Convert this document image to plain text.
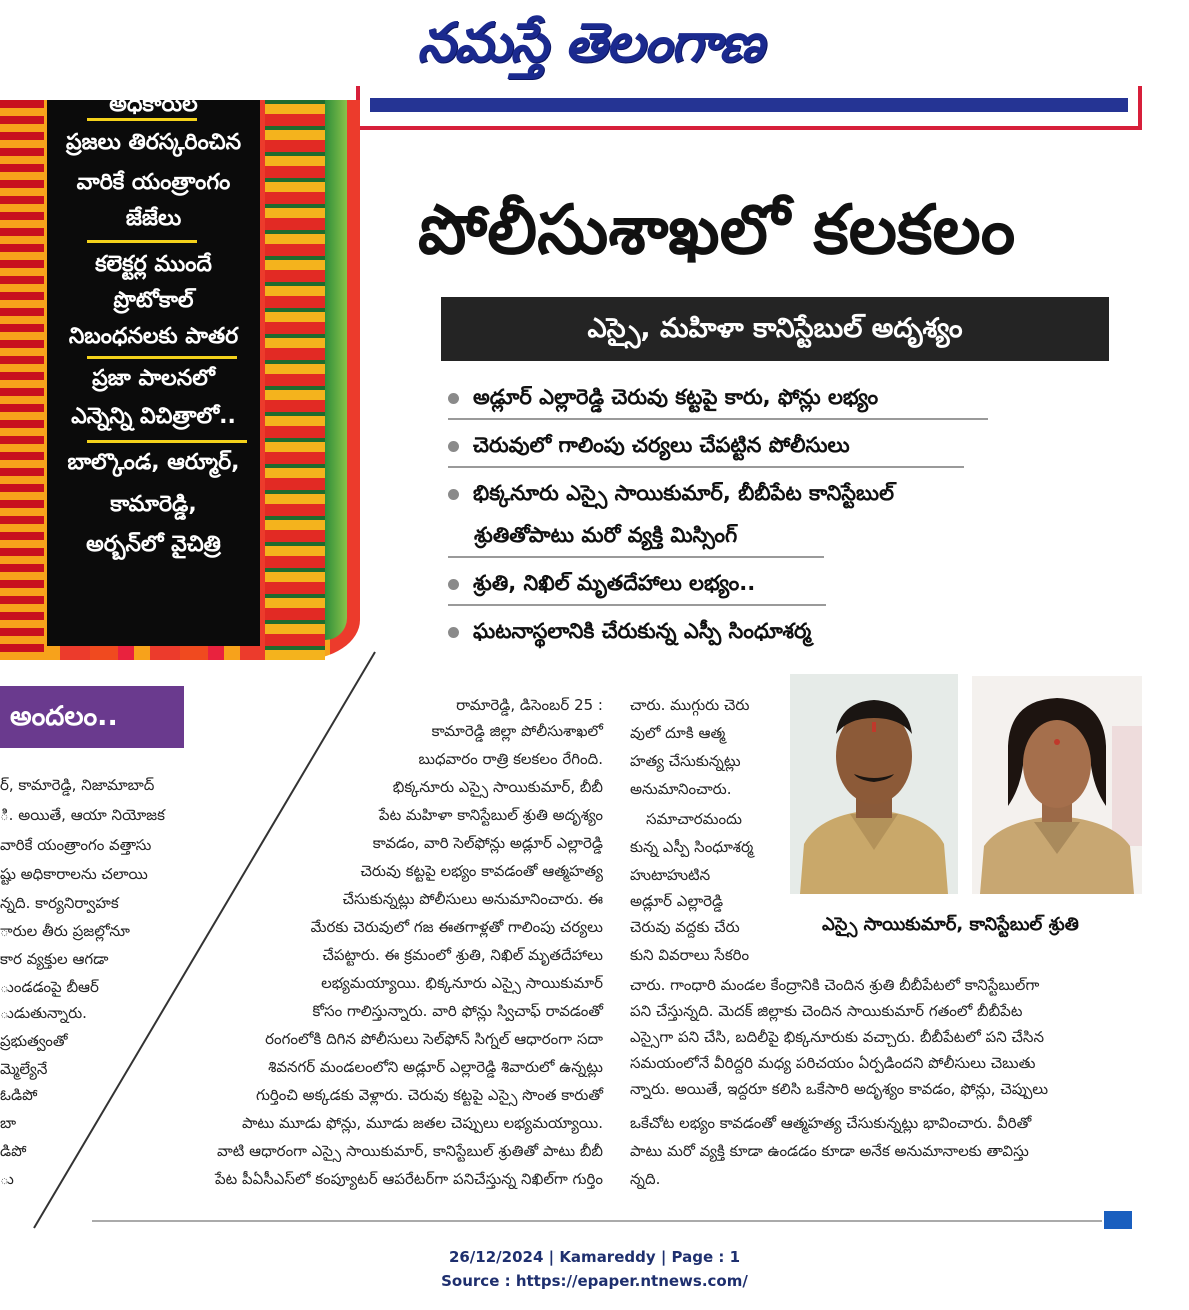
నమస్తే తెలంగాణ
అధికారుల
ప్రజలు తిరస్కరించిన
వారికే యంత్రాంగం
జేజేలు
కలెక్టర్ల ముందే
ప్రొటోకాల్
నిబంధనలకు పాతర
ప్రజా పాలనలో
ఎన్నెన్ని విచిత్రాలో..
బాల్కొండ, ఆర్మూర్,
కామారెడ్డి,
అర్బన్‌లో వైచిత్రి
పోలీసుశాఖలో కలకలం
ఎస్సై, మహిళా కానిస్టేబుల్ అదృశ్యం
అడ్లూర్ ఎల్లారెడ్డి చెరువు కట్టపై కారు, ఫోన్లు లభ్యం
చెరువులో గాలింపు చర్యలు చేపట్టిన పోలీసులు
భిక్కనూరు ఎస్సై సాయికుమార్, బీబీపేట కానిస్టేబుల్
శ్రుతితోపాటు మరో వ్యక్తి మిస్సింగ్
శ్రుతి, నిఖిల్ మృతదేహాలు లభ్యం..
ఘటనాస్థలానికి చేరుకున్న ఎస్పీ సింధూశర్మ
అందలం..
ర్, కామారెడ్డి, నిజామాబాద్
ి. అయితే, ఆయా నియోజక
వారికే యంత్రాంగం వత్తాసు
ష్టు అధికారాలను చలాయి
న్నది. కార్యనిర్వాహక
ారుల తీరు ప్రజల్లోనూ
కార వ్యక్తుల ఆగడా
ుండడంపై బీఆర్
ుడుతున్నారు.
ప్రభుత్వంతో
మ్మెల్యేనే
ఓడిపో
బా
డిపో
ు
రామారెడ్డి, డిసెంబర్ 25 :
కామారెడ్డి జిల్లా పోలీసుశాఖలో
బుధవారం రాత్రి కలకలం రేగింది.
భిక్కనూరు ఎస్సై సాయికుమార్, బీబీ
పేట మహిళా కానిస్టేబుల్ శ్రుతి అదృశ్యం
కావడం, వారి సెల్‌ఫోన్లు అడ్లూర్ ఎల్లారెడ్డి
చెరువు కట్టపై లభ్యం కావడంతో ఆత్మహత్య
చేసుకున్నట్లు పోలీసులు అనుమానించారు. ఈ
మేరకు చెరువులో గజ ఈతగాళ్లతో గాలింపు చర్యలు
చేపట్టారు. ఈ క్రమంలో శ్రుతి, నిఖిల్ మృతదేహాలు
లభ్యమయ్యాయి. భిక్కనూరు ఎస్సై సాయికుమార్
కోసం గాలిస్తున్నారు. వారి ఫోన్లు స్విచాఫ్ రావడంతో
రంగంలోకి దిగిన పోలీసులు సెల్‌ఫోన్ సిగ్నల్ ఆధారంగా సదా
శివనగర్ మండలంలోని అడ్లూర్ ఎల్లారెడ్డి శివారులో ఉన్నట్లు
గుర్తించి అక్కడకు వెళ్లారు. చెరువు కట్టపై ఎస్సై సొంత కారుతో
పాటు మూడు ఫోన్లు, మూడు జతల చెప్పులు లభ్యమయ్యాయి.
వాటి ఆధారంగా ఎస్సై సాయికుమార్, కానిస్టేబుల్ శ్రుతితో పాటు బీబీ
పేట పీఏసీఎస్‌లో కంప్యూటర్ ఆపరేటర్‌గా పనిచేస్తున్న నిఖిల్‌గా గుర్తిం
చారు. ముగ్గురు చెరు
వులో దూకి ఆత్మ
హత్య చేసుకున్నట్లు
అనుమానించారు.
సమాచారమందు
కున్న ఎస్పీ సింధూశర్మ
హుటాహుటిన
అడ్లూర్ ఎల్లారెడ్డి
చెరువు వద్దకు చేరు
కుని వివరాలు సేకరిం
ఎస్సై సాయికుమార్, కానిస్టేబుల్ శ్రుతి
చారు. గాంధారి మండల కేంద్రానికి చెందిన శ్రుతి బీబీపేటలో కానిస్టేబుల్‌గా
పని చేస్తున్నది. మెదక్ జిల్లాకు చెందిన సాయికుమార్ గతంలో బీబీపేట
ఎస్సైగా పని చేసి, బదిలీపై భిక్కనూరుకు వచ్చారు. బీబీపేటలో పని చేసిన
సమయంలోనే వీరిద్దరి మధ్య పరిచయం ఏర్పడిందని పోలీసులు చెబుతు
న్నారు. అయితే, ఇద్దరూ కలిసి ఒకేసారి అదృశ్యం కావడం, ఫోన్లు, చెప్పులు
ఒకేచోట లభ్యం కావడంతో ఆత్మహత్య చేసుకున్నట్లు భావించారు. వీరితో
పాటు మరో వ్యక్తి కూడా ఉండడం కూడా అనేక అనుమానాలకు తావిస్తు
న్నది.
26/12/2024 | Kamareddy | Page : 1
Source : https://epaper.ntnews.com/
